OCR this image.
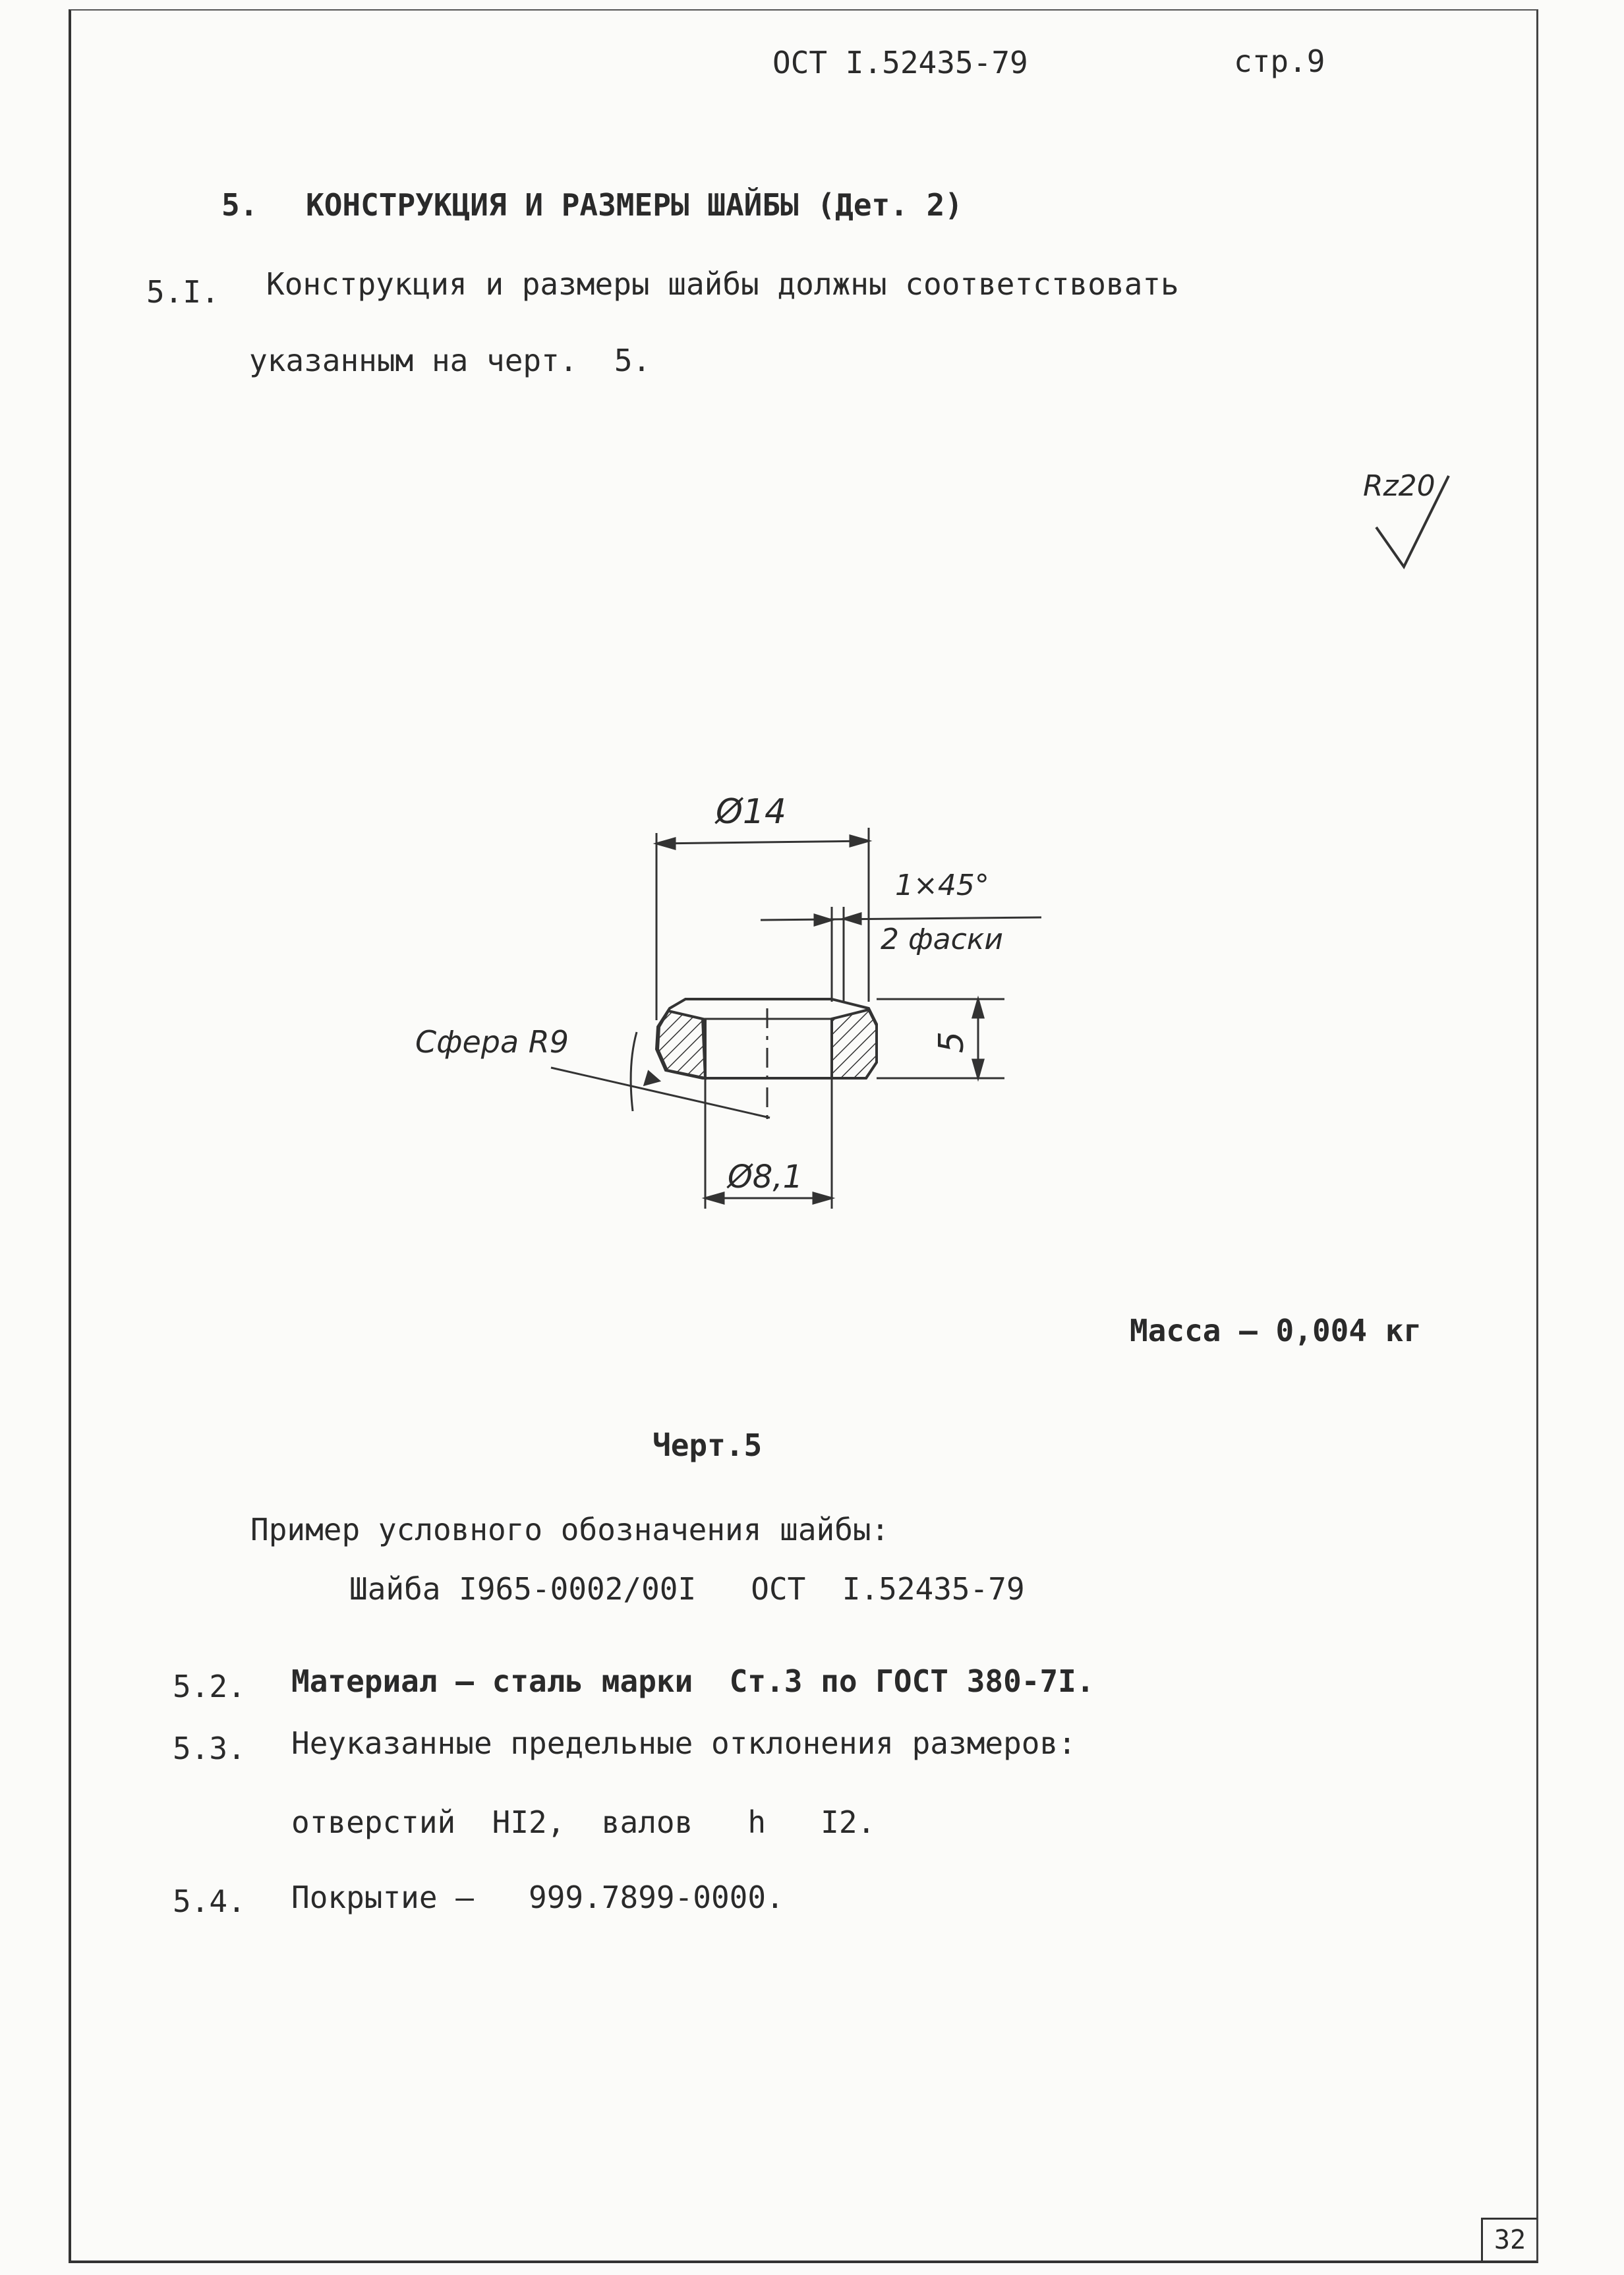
ОСТ I.52435-79	стр.9
5. КОНСТРУКЦИЯ И РАЗМЕРЫ ШАЙБЫ (Дет. 2)
5.I. Конструкция и размеры шайбы должны соответствовать
указанным на черт.  5.
Rz20
Ø14
1×45°
2 фаски
Сфера R9	5
Ø8,1
Масса – 0,004 кг
Черт.5
Пример условного обозначения шайбы:
Шайба I965-0002/00I   ОСТ  I.52435-79
5.2. Материал – сталь марки  Ст.3 по ГОСТ 380-7I.
5.3. Неуказанные предельные отклонения размеров:
отверстий  HI2,  валов   h   I2.
5.4. Покрытие –   999.7899-0000.
32
